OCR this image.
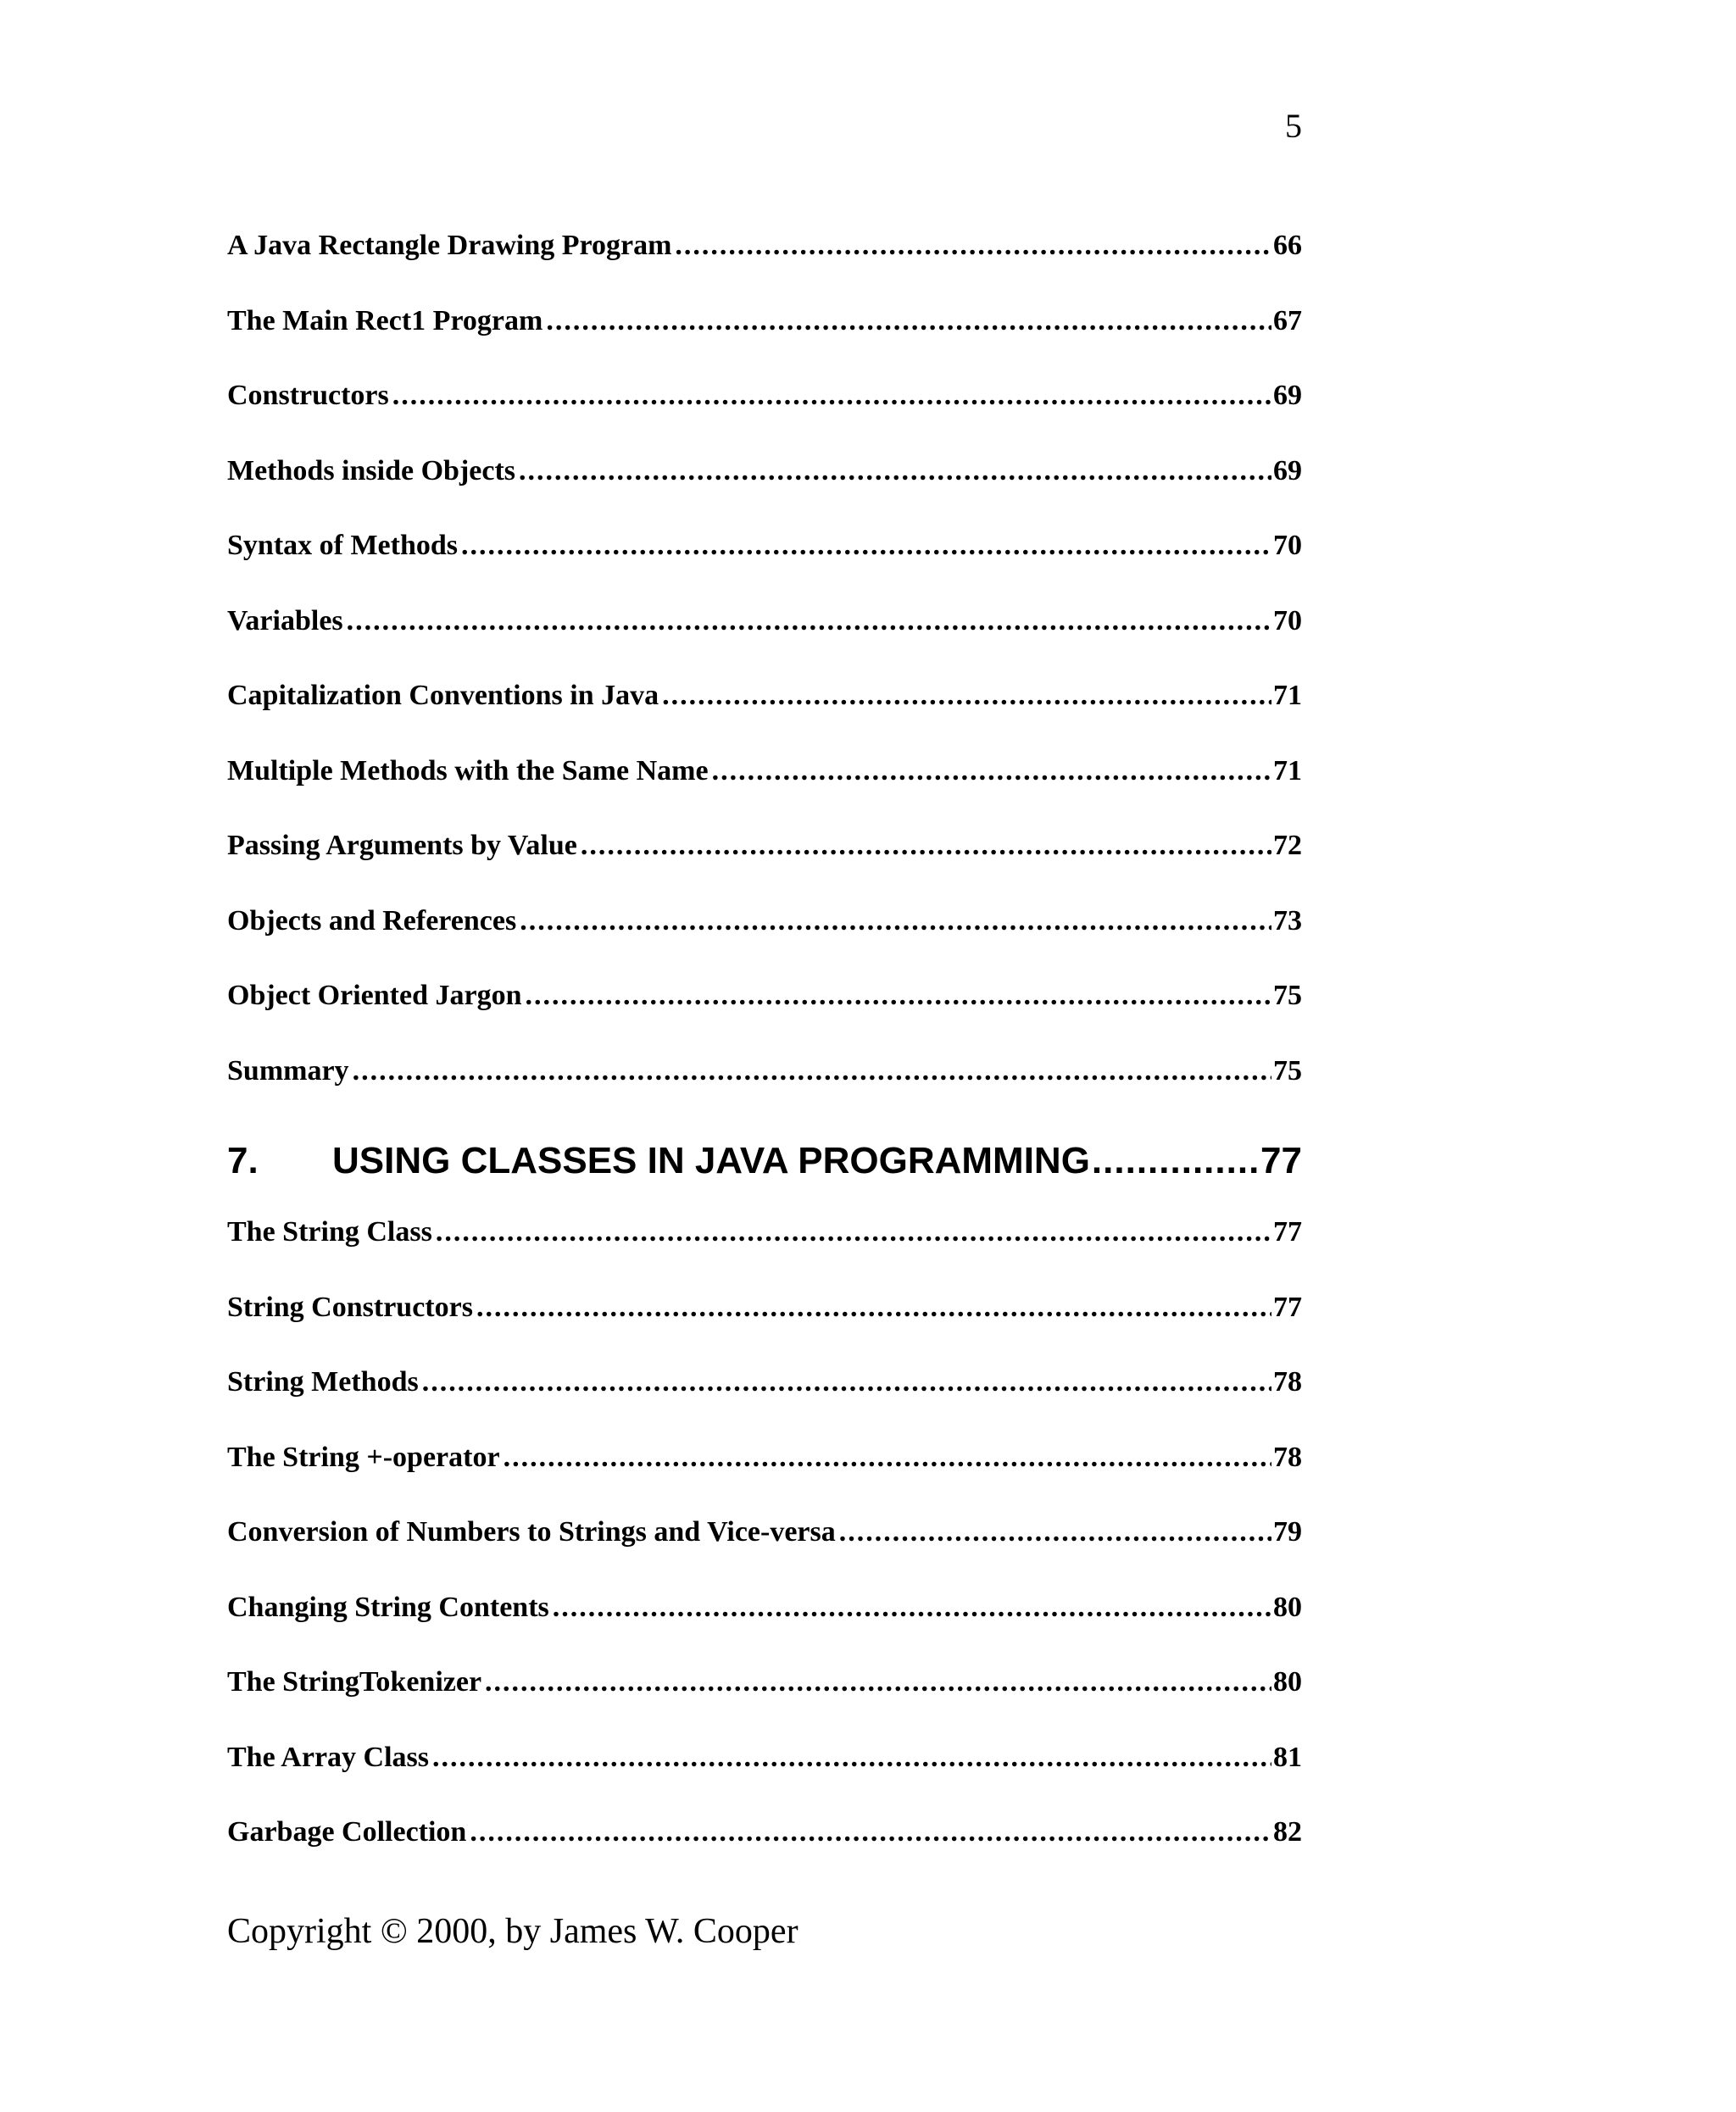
5
A Java Rectangle Drawing Program .....	66
The Main Rect1 Program .....	67
Constructors .....	69
Methods inside Objects .....	69
Syntax of Methods .....	70
Variables .....	70
Capitalization Conventions in Java .....	71
Multiple Methods with the Same Name .....	71
Passing Arguments by Value .....	72
Objects and References .....	73
Object Oriented Jargon .....	75
Summary .....	75
7.	USING CLASSES IN JAVA PROGRAMMING .....	77
The String Class .....	77
String Constructors .....	77
String Methods .....	78
The String +-operator .....	78
Conversion of Numbers to Strings and Vice-versa .....	79
Changing String Contents .....	80
The StringTokenizer .....	80
The Array Class .....	81
Garbage Collection .....	82
Copyright © 2000, by James W. Cooper
